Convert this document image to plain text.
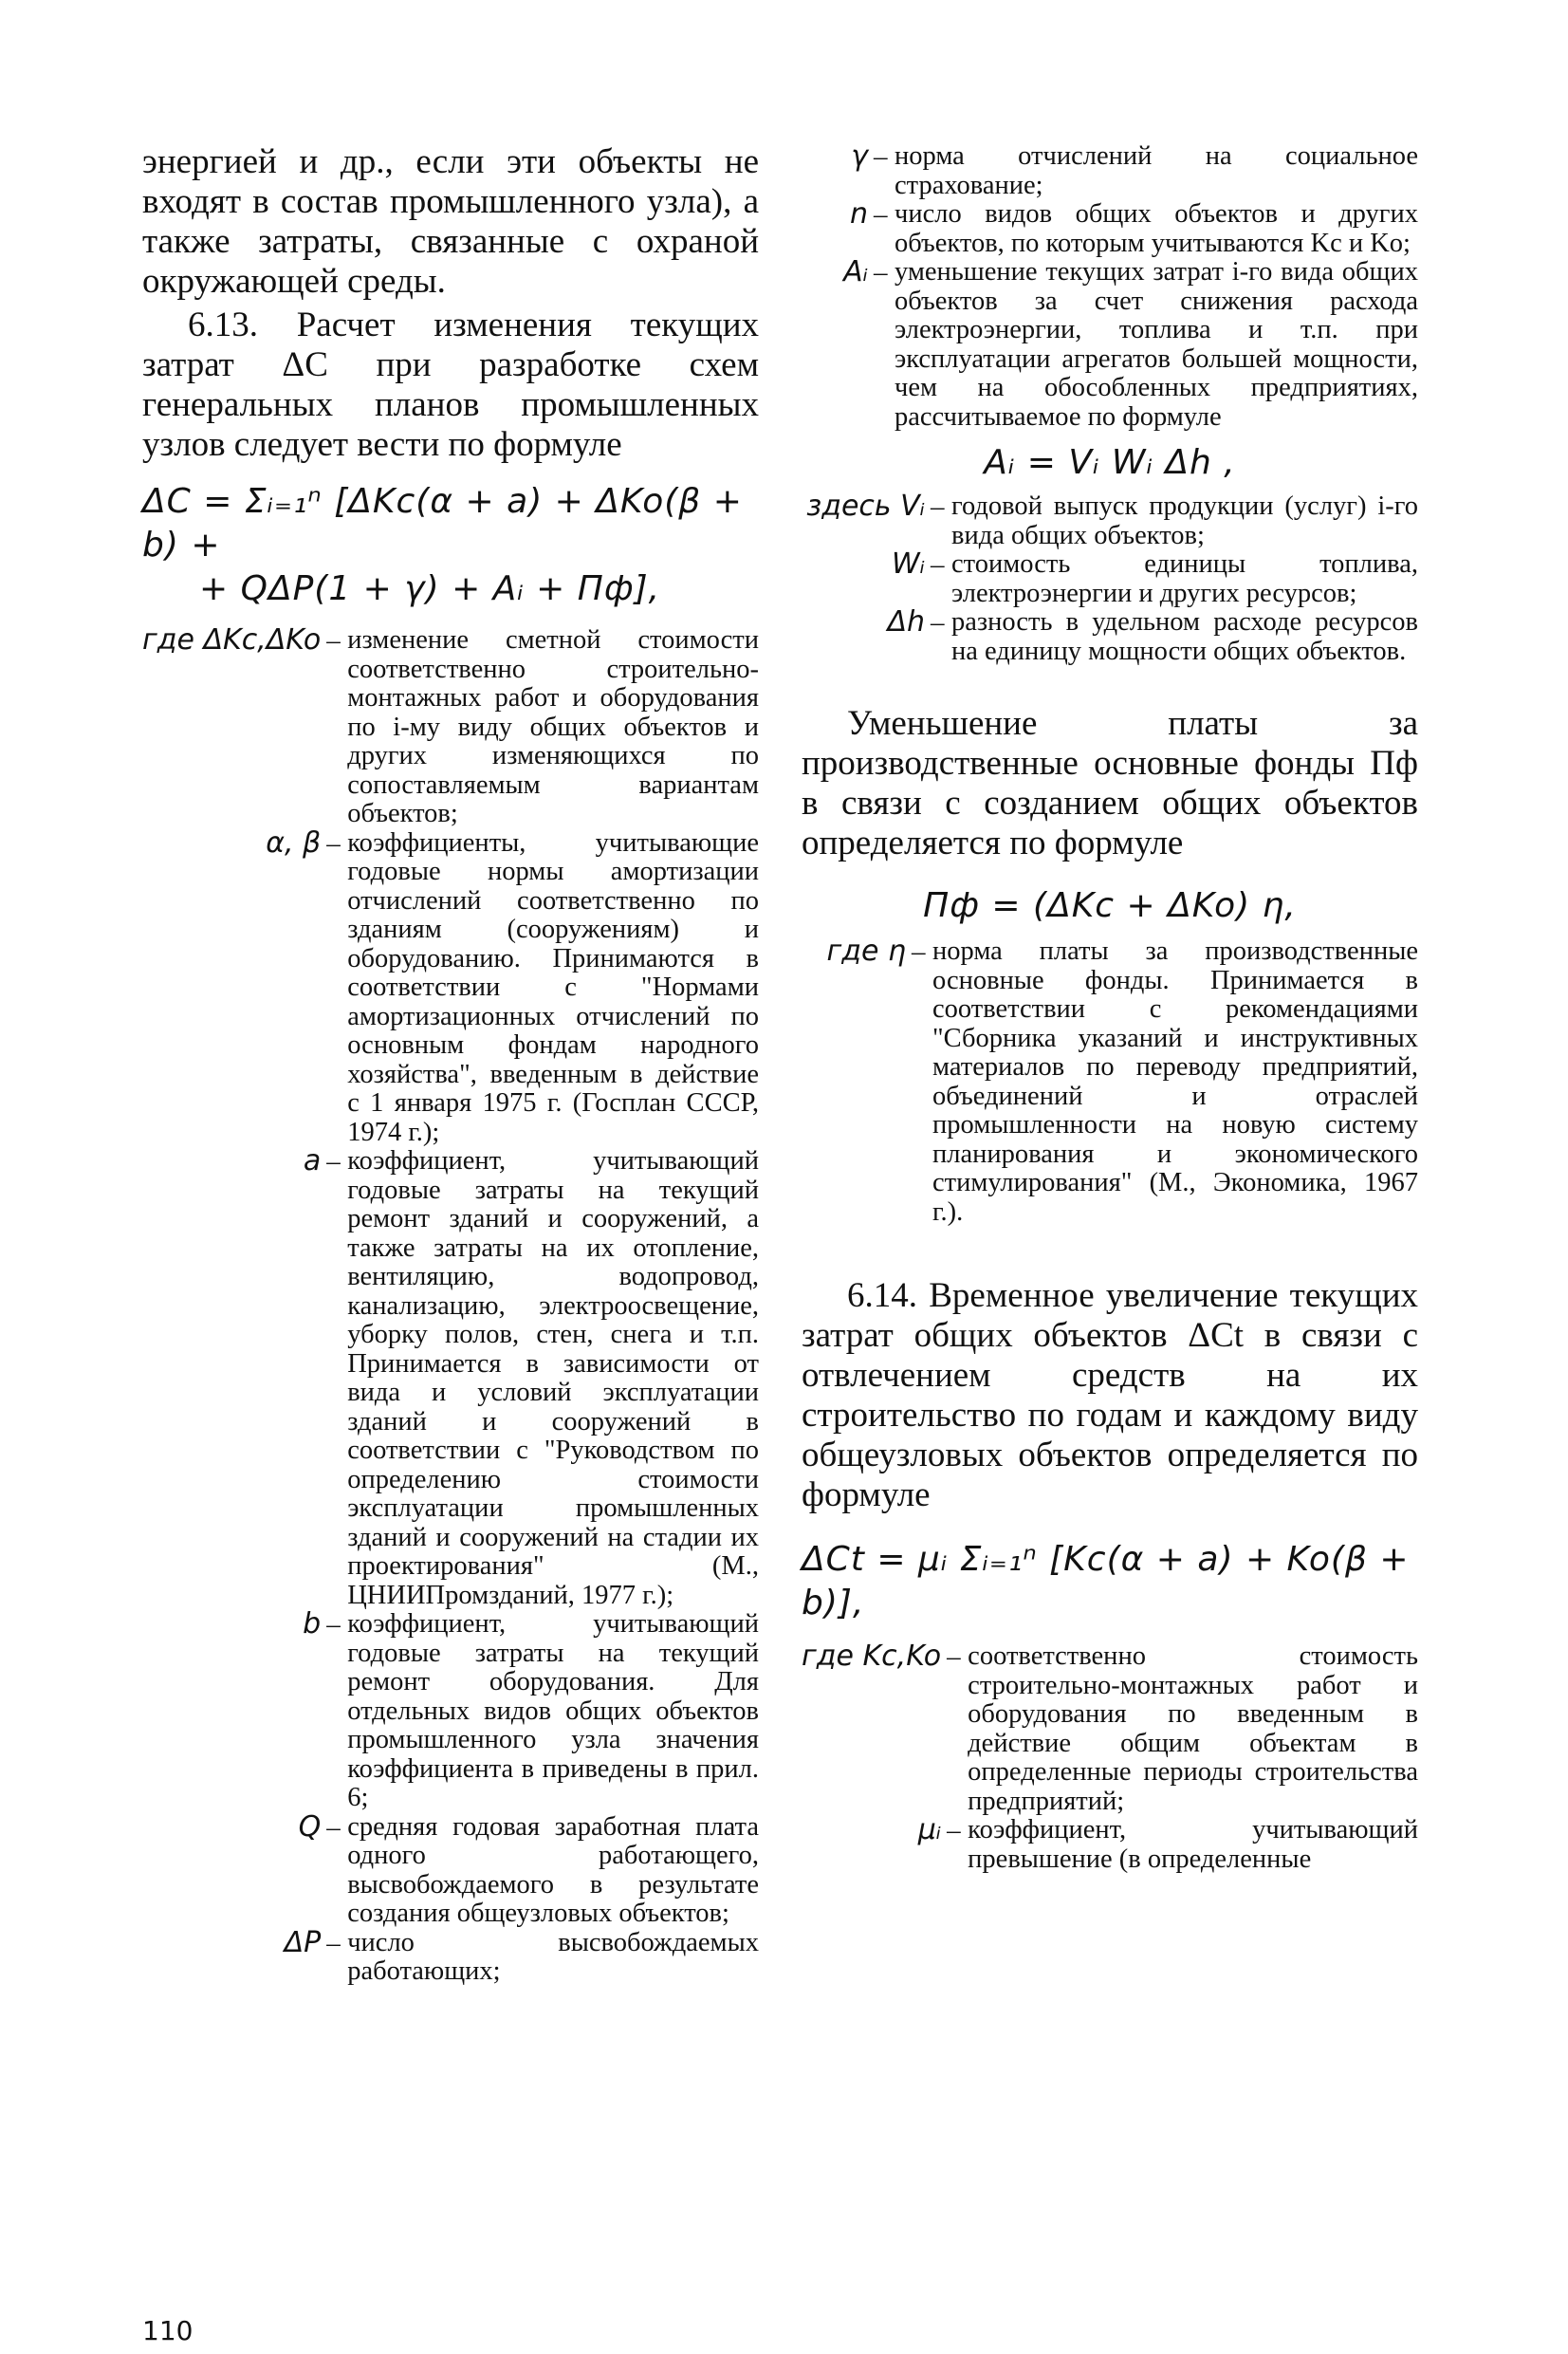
энергией и др., если эти объекты не входят в состав промышленного узла), а также затраты, связанные с охраной окружающей среды.

6.13. Расчет изменения текущих затрат ΔC при разработке схем генеральных планов промышленных узлов следует вести по формуле

ΔC = Σᵢ₌₁ⁿ [ΔKc(α + a) + ΔKo(β + b) +
+ QΔP(1 + γ) + Aᵢ + Пф],
где ΔKc,ΔKo	–	изменение сметной стоимости соответственно строительно-монтажных работ и оборудования по i-му виду общих объектов и других изменяющихся по сопоставляемым вариантам объектов;
α, β	–	коэффициенты, учитывающие годовые нормы амортизации отчислений соответственно по зданиям (сооружениям) и оборудованию. Принимаются в соответствии с "Нормами амортизационных отчислений по основным фондам народного хозяйства", введенным в действие с 1 января 1975 г. (Госплан СССР, 1974 г.);
a	–	коэффициент, учитывающий годовые затраты на текущий ремонт зданий и сооружений, а также затраты на их отопление, вентиляцию, водопровод, канализацию, электроосвещение, уборку полов, стен, снега и т.п. Принимается в зависимости от вида и условий эксплуатации зданий и сооружений в соответствии с "Руководством по определению стоимости эксплуатации промышленных зданий и сооружений на стадии их проектирования" (М., ЦНИИПромзданий, 1977 г.);
b	–	коэффициент, учитывающий годовые затраты на текущий ремонт оборудования. Для отдельных видов общих объектов промышленного узла значения коэффициента в приведены в прил. 6;
Q	–	средняя годовая заработная плата одного работающего, высвобождаемого в результате создания общеузловых объектов;
ΔP	–	число высвобождаемых работающих;
γ	–	норма отчислений на социальное страхование;
n	–	число видов общих объектов и других объектов, по которым учитываются Kc и Ko;
Aᵢ	–	уменьшение текущих затрат i-го вида общих объектов за счет снижения расхода электроэнергии, топлива и т.п. при эксплуатации агрегатов большей мощности, чем на обособленных предприятиях, рассчитываемое по формуле
Aᵢ = Vᵢ Wᵢ Δh ,
здесь Vᵢ	–	годовой выпуск продукции (услуг) i-го вида общих объектов;
Wᵢ	–	стоимость единицы топлива, электроэнергии и других ресурсов;
Δh	–	разность в удельном расходе ресурсов на единицу мощности общих объектов.

Уменьшение платы за производственные основные фонды Пф в связи с созданием общих объектов определяется по формуле

Пф = (ΔKc + ΔKo) η,
где η	–	норма платы за производственные основные фонды. Принимается в соответствии с рекомендациями "Сборника указаний и инструктивных материалов по переводу предприятий, объединений и отраслей промышленности на новую систему планирования и экономического стимулирования" (М., Экономика, 1967 г.).

6.14. Временное увеличение текущих затрат общих объектов ΔCt в связи с отвлечением средств на их строительство по годам и каждому виду общеузловых объектов определяется по формуле

ΔCt = μᵢ Σᵢ₌₁ⁿ [Kc(α + a) + Ko(β + b)],
где Kc,Ko	–	соответственно стоимость строительно-монтажных работ и оборудования по введенным в действие общим объектам в определенные периоды строительства предприятий;
μᵢ	–	коэффициент, учитывающий превышение (в определенные
110
